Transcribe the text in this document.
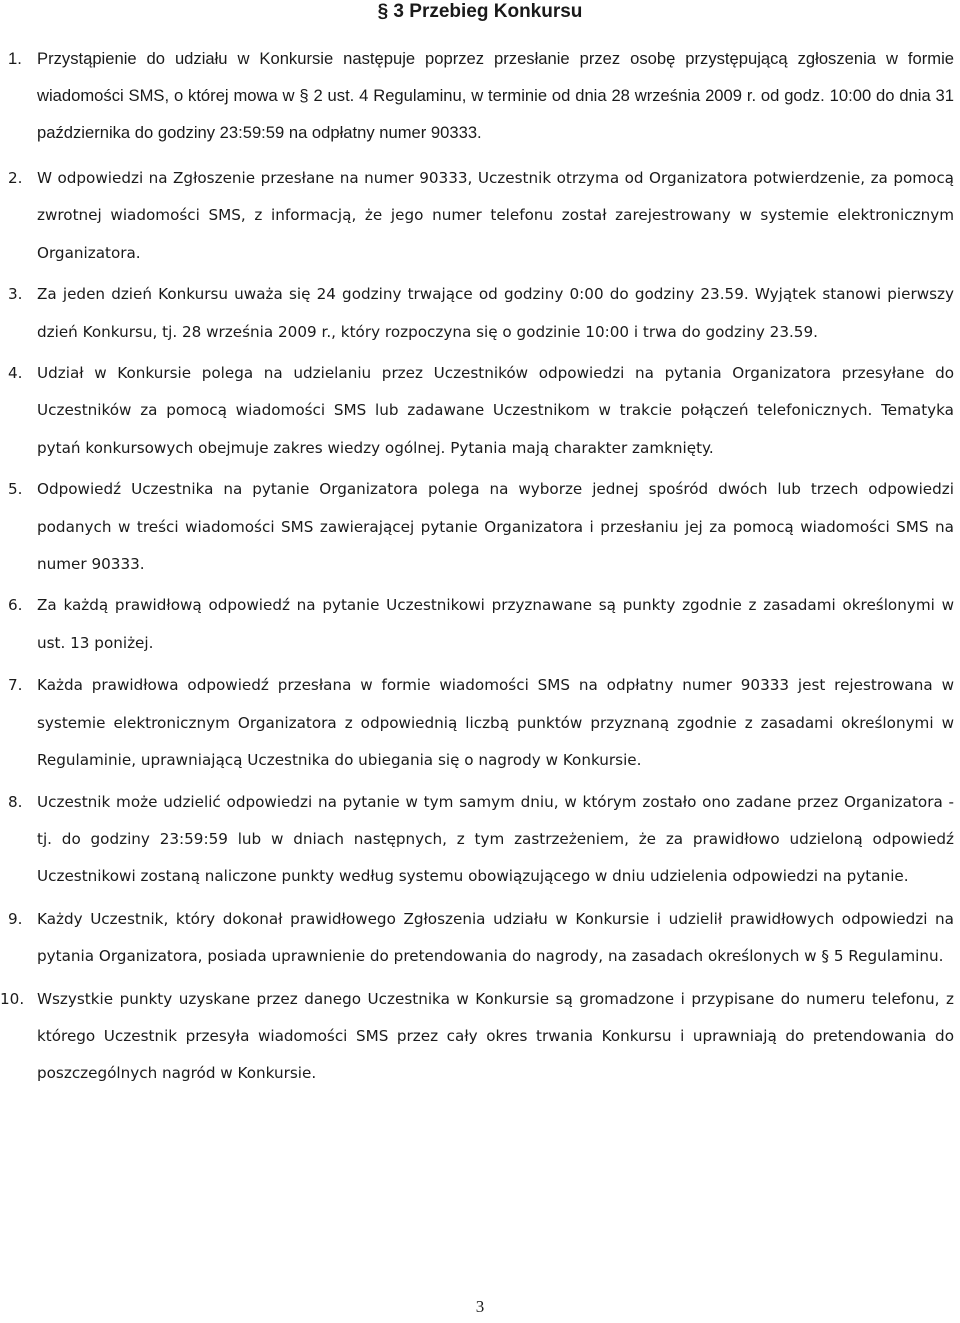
§ 3 Przebieg Konkursu
1. Przystąpienie do udziału w Konkursie następuje poprzez przesłanie przez osobę przystępującą zgłoszenia w formie wiadomości SMS, o której mowa w § 2 ust. 4 Regulaminu, w terminie od dnia 28 września 2009 r. od godz. 10:00 do dnia 31 października do godziny 23:59:59 na odpłatny numer 90333.
2. W odpowiedzi na Zgłoszenie przesłane na numer 90333, Uczestnik otrzyma od Organizatora potwierdzenie, za pomocą zwrotnej wiadomości SMS, z informacją, że jego numer telefonu został zarejestrowany w systemie elektronicznym Organizatora.
3. Za jeden dzień Konkursu uważa się 24 godziny trwające od godziny 0:00 do godziny 23.59. Wyjątek stanowi pierwszy dzień Konkursu, tj. 28 września 2009 r., który rozpoczyna się o godzinie 10:00 i trwa do godziny 23.59.
4. Udział w Konkursie polega na udzielaniu przez Uczestników odpowiedzi na pytania Organizatora przesyłane do Uczestników za pomocą wiadomości SMS lub zadawane Uczestnikom w trakcie połączeń telefonicznych. Tematyka pytań konkursowych obejmuje zakres wiedzy ogólnej. Pytania mają charakter zamknięty.
5. Odpowiedź Uczestnika na pytanie Organizatora polega na wyborze jednej spośród dwóch lub trzech odpowiedzi podanych w treści wiadomości SMS zawierającej pytanie Organizatora i przesłaniu jej za pomocą wiadomości SMS na numer 90333.
6. Za każdą prawidłową odpowiedź na pytanie Uczestnikowi przyznawane są punkty zgodnie z zasadami określonymi w ust. 13 poniżej.
7. Każda prawidłowa odpowiedź przesłana w formie wiadomości SMS na odpłatny numer 90333 jest rejestrowana w systemie elektronicznym Organizatora z odpowiednią liczbą punktów przyznaną zgodnie z zasadami określonymi w Regulaminie, uprawniającą Uczestnika do ubiegania się o nagrody w Konkursie.
8. Uczestnik może udzielić odpowiedzi na pytanie w tym samym dniu, w którym zostało ono zadane przez Organizatora - tj. do godziny 23:59:59 lub w dniach następnych, z tym zastrzeżeniem, że za prawidłowo udzieloną odpowiedź Uczestnikowi zostaną naliczone punkty według systemu obowiązującego w dniu udzielenia odpowiedzi na pytanie.
9. Każdy Uczestnik, który dokonał prawidłowego Zgłoszenia udziału w Konkursie i udzielił prawidłowych odpowiedzi na pytania Organizatora, posiada uprawnienie do pretendowania do nagrody, na zasadach określonych w § 5 Regulaminu.
10. Wszystkie punkty uzyskane przez danego Uczestnika w Konkursie są gromadzone i przypisane do numeru telefonu, z którego Uczestnik przesyła wiadomości SMS przez cały okres trwania Konkursu i uprawniają do pretendowania do poszczególnych nagród w Konkursie.
3
